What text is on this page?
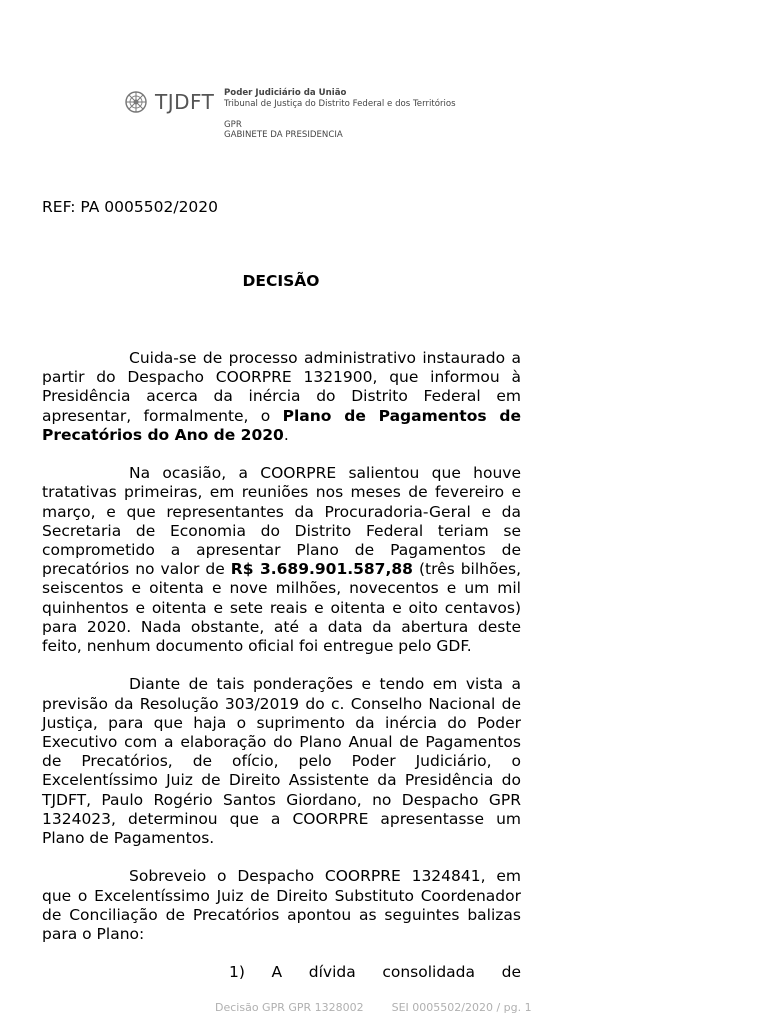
TJDFT Poder Judiciário da União
Tribunal de Justiça do Distrito Federal e dos Territórios
GPR
GABINETE DA PRESIDENCIA
REF: PA 0005502/2020
DECISÃO

Cuida-se de processo administrativo instaurado a partir do Despacho COORPRE 1321900, que informou à Presidência acerca da inércia do Distrito Federal em apresentar, formalmente, o Plano de Pagamentos de Precatórios do Ano de 2020.

Na ocasião, a COORPRE salientou que houve tratativas primeiras, em reuniões nos meses de fevereiro e março, e que representantes da Procuradoria-Geral e da Secretaria de Economia do Distrito Federal teriam se comprometido a apresentar Plano de Pagamentos de precatórios no valor de R$ 3.689.901.587,88 (três bilhões, seiscentos e oitenta e nove milhões, novecentos e um mil quinhentos e oitenta e sete reais e oitenta e oito centavos) para 2020. Nada obstante, até a data da abertura deste feito, nenhum documento oficial foi entregue pelo GDF.

Diante de tais ponderações e tendo em vista a previsão da Resolução 303/2019 do c. Conselho Nacional de Justiça, para que haja o suprimento da inércia do Poder Executivo com a elaboração do Plano Anual de Pagamentos de Precatórios, de ofício, pelo Poder Judiciário, o Excelentíssimo Juiz de Direito Assistente da Presidência do TJDFT, Paulo Rogério Santos Giordano, no Despacho GPR 1324023, determinou que a COORPRE apresentasse um Plano de Pagamentos.

Sobreveio o Despacho COORPRE 1324841, em que o Excelentíssimo Juiz de Direito Substituto Coordenador de Conciliação de Precatórios apontou as seguintes balizas para o Plano:

1) A dívida consolidada de

Decisão GPR GPR 1328002	SEI 0005502/2020 / pg. 1
